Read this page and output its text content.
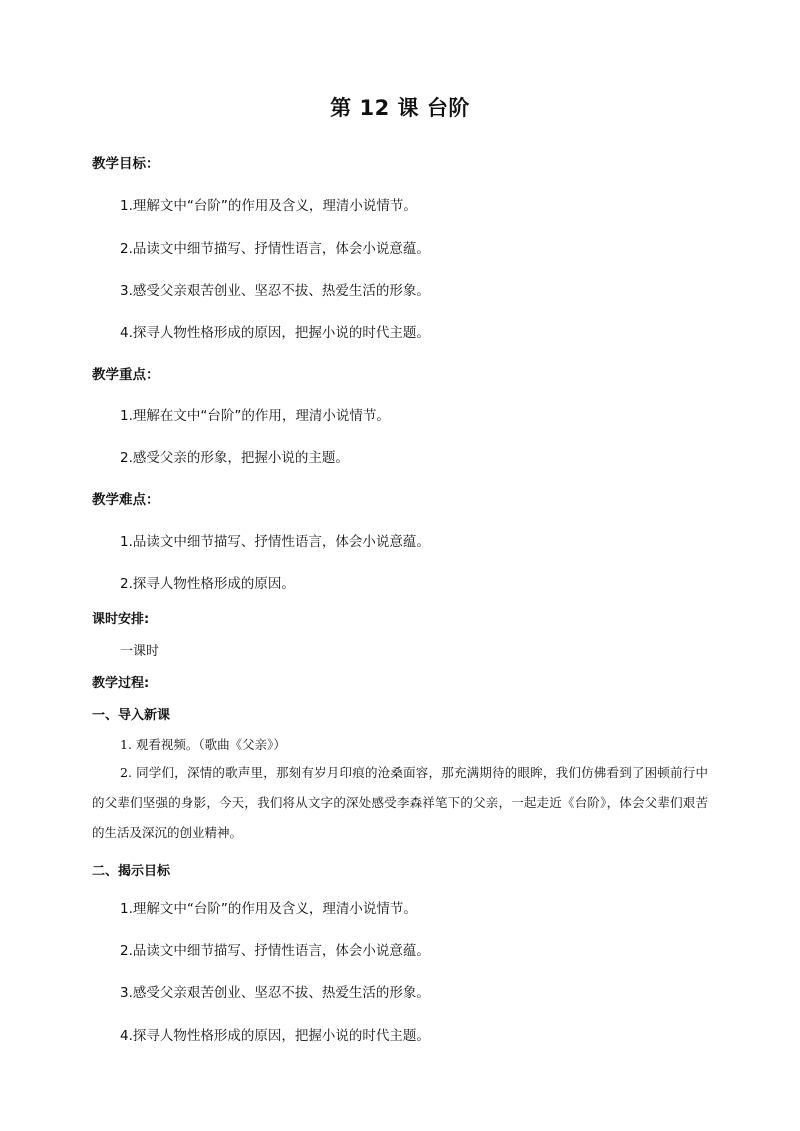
第 12 课 台阶
教学目标：
1.理解文中“台阶”的作用及含义，理清小说情节。
2.品读文中细节描写、抒情性语言，体会小说意蕴。
3.感受父亲艰苦创业、坚忍不拔、热爱生活的形象。
4.探寻人物性格形成的原因，把握小说的时代主题。
教学重点：
1.理解在文中“台阶”的作用，理清小说情节。
2.感受父亲的形象，把握小说的主题。
教学难点：
1.品读文中细节描写、抒情性语言，体会小说意蕴。
2.探寻人物性格形成的原因。
课时安排:
一课时
教学过程:
一、导入新课
1. 观看视频。（歌曲《父亲》）
2. 同学们，深情的歌声里，那刻有岁月印痕的沧桑面容，那充满期待的眼眸，我们仿佛看到了困顿前行中的父辈们坚强的身影，今天，我们将从文字的深处感受李森祥笔下的父亲，一起走近《台阶》，体会父辈们艰苦的生活及深沉的创业精神。
二、揭示目标
1.理解文中“台阶”的作用及含义，理清小说情节。
2.品读文中细节描写、抒情性语言，体会小说意蕴。
3.感受父亲艰苦创业、坚忍不拔、热爱生活的形象。
4.探寻人物性格形成的原因，把握小说的时代主题。
